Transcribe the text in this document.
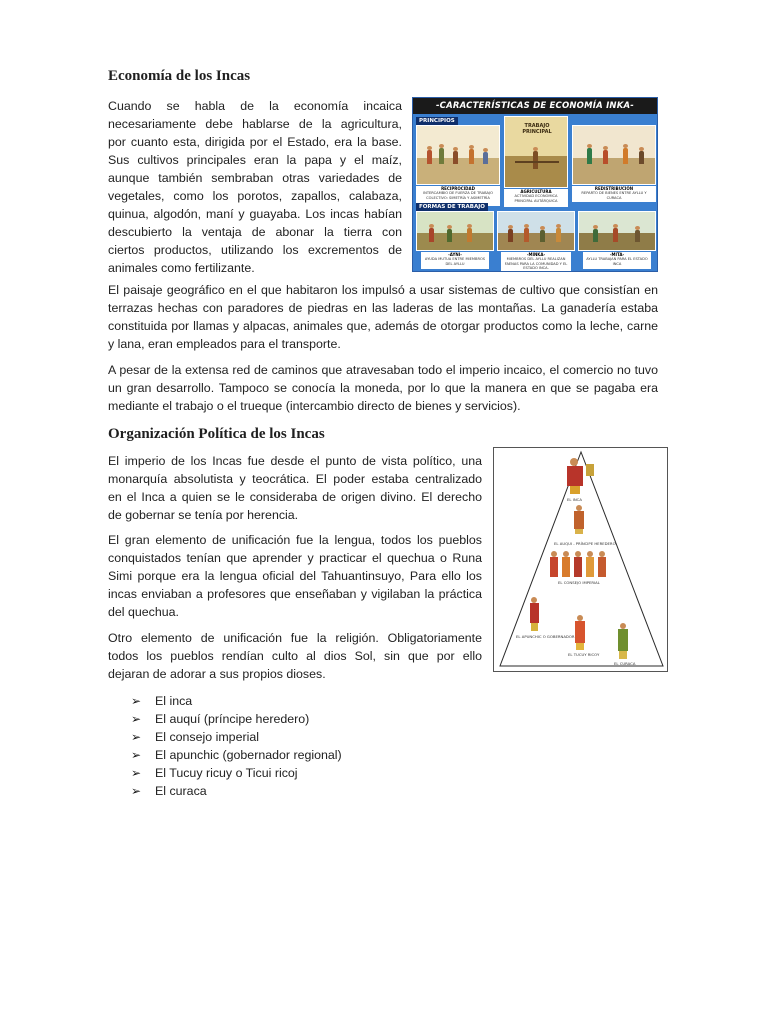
Economía de los Incas
Cuando se habla de la economía incaica
necesariamente debe hablarse de la agricultura,
por cuanto esta, dirigida por el Estado, era la base.
Sus cultivos principales eran la papa y el maíz,
aunque también sembraban otras variedades de
vegetales, como los porotos, zapallos, calabaza,
quinua, algodón, maní y guayaba. Los incas habían
descubierto la ventaja de abonar la tierra con
ciertos productos, utilizando los excrementos de
animales como fertilizante.
-CARACTERÍSTICAS DE ECONOMÍA INKA-
PRINCIPIOS
RECIPROCIDAD
INTERCAMBIO DE FUERZA DE TRABAJO
COLECTIVO: SIMETRÍA Y ASIMETRÍA
TRABAJO PRINCIPAL
AGRICULTURA
ACTIVIDAD ECONÓMICA PRINCIPAL AUTÁRQUICA
REDISTRIBUCIÓN
REPARTO DE BIENES ENTRE AYLLU Y CURACA
FORMAS DE TRABAJO
-AYNI-
AYUDA MUTUA ENTRE MIEMBROS DEL AYLLU
-MINKA-
MIEMBROS DEL AYLLU REALIZAN FAENAS PARA LA COMUNIDAD Y EL ESTADO INCA.
-MITA-
AYLLU TRABAJAN PARA EL ESTADO INCA

El paisaje geográfico en el que habitaron los impulsó a usar sistemas de cultivo que consistían en terrazas hechas con paradores de piedras en las laderas de las montañas. La ganadería estaba constituida por llamas y alpacas, animales que, además de otorgar productos como la leche, carne y lana, eran empleados para el transporte.

A pesar de la extensa red de caminos que atravesaban todo el imperio incaico, el comercio no tuvo un gran desarrollo. Tampoco se conocía la moneda, por lo que la manera en que se pagaba era mediante el trabajo o el trueque (intercambio directo de bienes y servicios).

Organización Política de los Incas
El imperio de los Incas fue desde el punto de vista político, una
monarquía absolutista y teocrática. El poder estaba centralizado
en el Inca a quien se le consideraba de origen divino. El derecho
de gobernar se tenía por herencia.
El gran elemento de unificación fue la lengua, todos los pueblos
conquistados tenían que aprender y practicar el quechua o Runa
Simi porque era la lengua oficial del Tahuantinsuyo, Para ello los
incas enviaban a profesores que enseñaban y vigilaban la práctica
del quechua.
Otro elemento de unificación fue la religión. Obligatoriamente
todos los pueblos rendían culto al dios Sol, sin que por ello
dejaran de adorar a sus propios dioses.
EL INCA
EL AUQUI - PRÍNCIPE HEREDERO
EL CONSEJO IMPERIAL
EL APUNCHIC O GOBERNADOR
EL TUCUY RICOY
EL CURACA
➢ El inca
➢ El auquí (príncipe heredero)
➢ El consejo imperial
➢ El apunchic (gobernador regional)
➢ El Tucuy ricuy o Ticui ricoj
➢ El curaca
